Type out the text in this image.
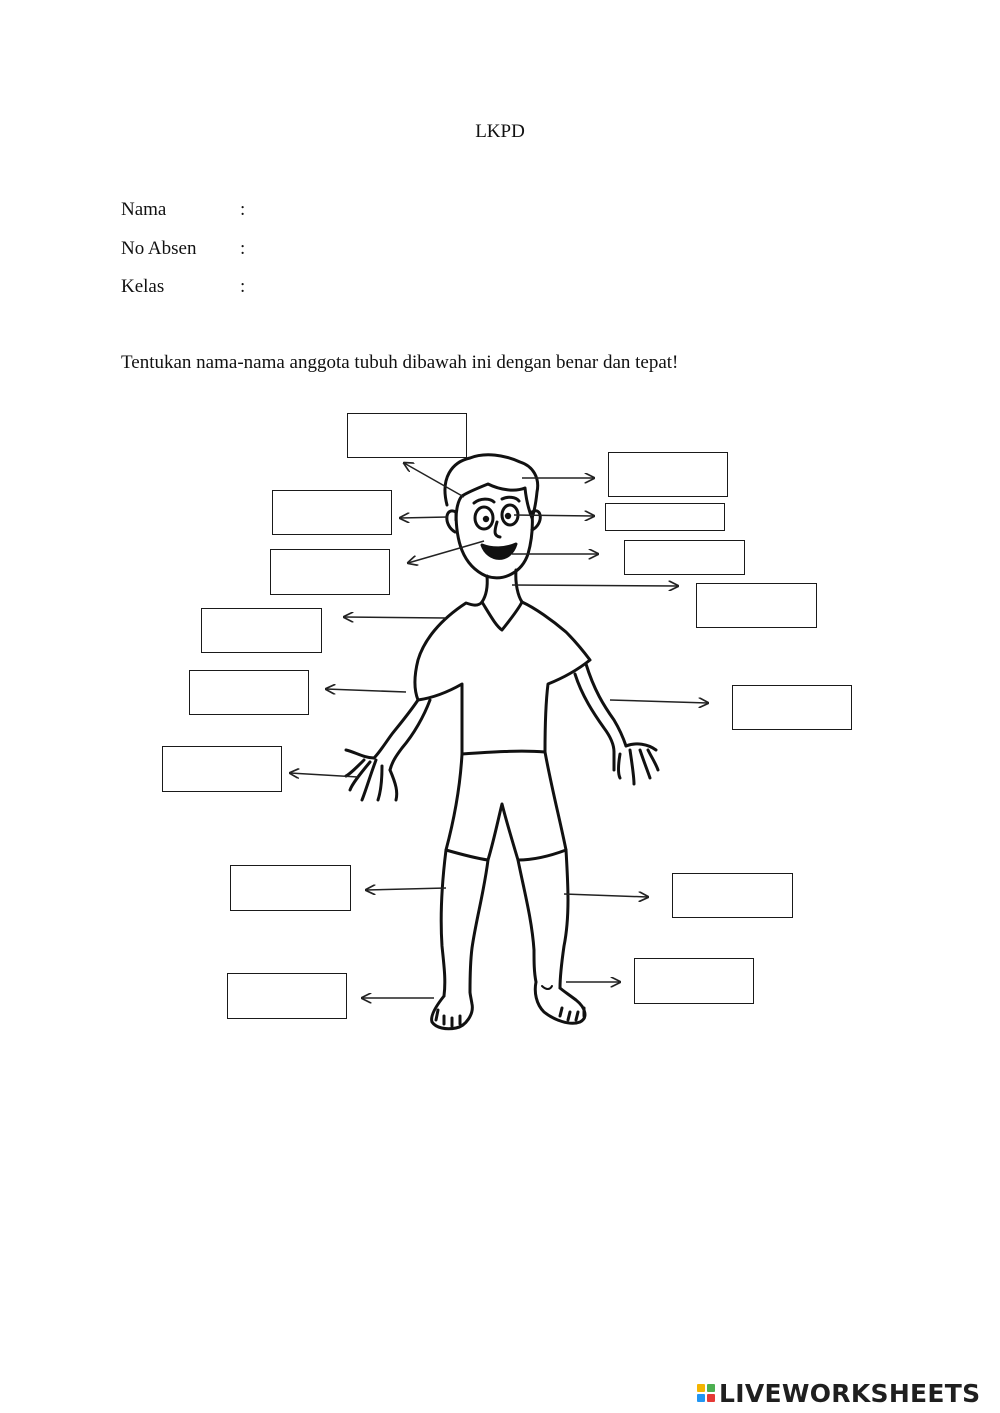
LKPD
Nama	:
No Absen :
Kelas	:
Tentukan nama-nama anggota tubuh dibawah ini dengan benar dan tepat!
LIVEWORKSHEETS
